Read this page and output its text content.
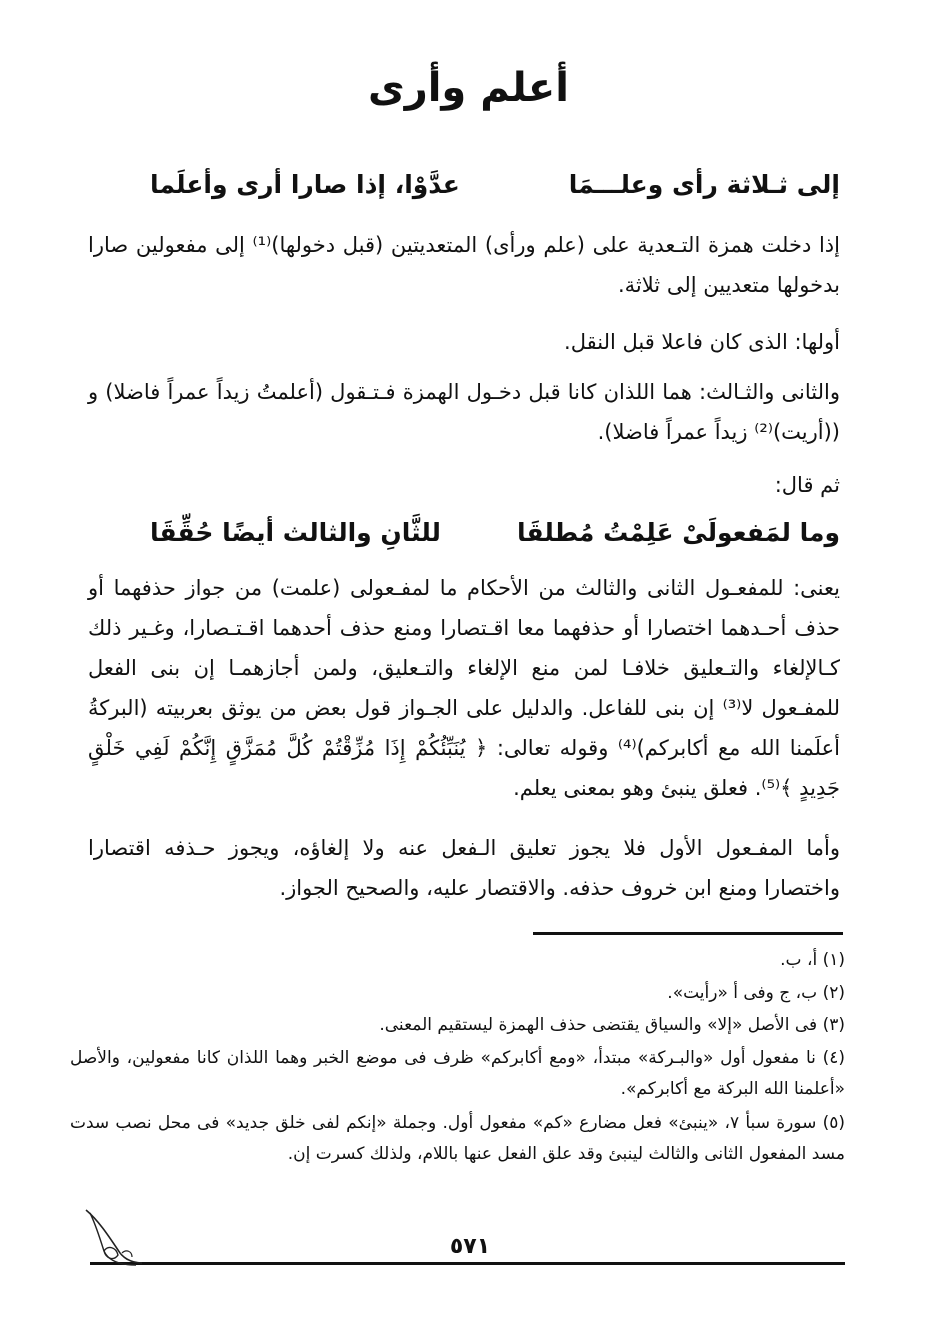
أعلم وأرى
إلى ثـلاثة رأى وعلـــمَا
عدَّوْا، إذا صارا أرى وأعلَما
إذا دخلت همزة التـعدية على (علم ورأى) المتعديتين (قبل دخولها)⁽¹⁾ إلى مفعولين صارا بدخولها متعديين إلى ثلاثة.
أولها: الذى كان فاعلا قبل النقل.
والثانى والثـالث: هما اللذان كانا قبل دخـول الهمزة فـتـقول (أعلمتُ زيداً عمراً فاضلا) و ((أريت)⁽²⁾ زيداً عمراً فاضلا).
ثم قال:
وما لمَفعولَىْ عَلِمْتُ مُطلقَا
للثَّانِ والثالث أيضًا حُقِّقَا
يعنى: للمفعـول الثانى والثالث من الأحكام ما لمفـعولى (علمت) من جواز حذفهما أو حذف أحـدهما اختصارا أو حذفهما معا اقـتصارا ومنع حذف أحدهما اقـتـصارا، وغـير ذلك كـالإلغاء والتـعليق خلافـا لمن منع الإلغاء والتـعليق، ولمن أجازهمـا إن بنى الفعل للمفـعول لا⁽³⁾ إن بنى للفاعل. والدليل على الجـواز قول بعض من يوثق بعربيته (البركةُ أعلَمنا الله مع أكابركم)⁽⁴⁾ وقوله تعالى: ﴿ يُنَبِّئُكُمْ إِذَا مُزِّقْتُمْ كُلَّ مُمَزَّقٍ إِنَّكُمْ لَفِي خَلْقٍ جَدِيدٍ ﴾⁽⁵⁾. فعلق ينبئ وهو بمعنى يعلم.
وأما المفـعول الأول فلا يجوز تعليق الـفعل عنه ولا إلغاؤه، ويجوز حـذفه اقتصارا واختصارا ومنع ابن خروف حذفه. والاقتصار عليه، والصحيح الجواز.
(١) أ، ب.
(٢) ب، ج وفى أ «رأيت».
(٣) فى الأصل «إلا» والسياق يقتضى حذف الهمزة ليستقيم المعنى.
(٤) نا مفعول أول «والبـركة» مبتدأ، «ومع أكابركم» ظرف فى موضع الخبر وهما اللذان كانا مفعولين، والأصل «أعلمنا الله البركة مع أكابركم».
(٥) سورة سبأ ٧، «ينبئ» فعل مضارع «كم» مفعول أول. وجملة «إنكم لفى خلق جديد» فى محل نصب سدت مسد المفعول الثانى والثالث لينبئ وقد علق الفعل عنها باللام، ولذلك كسرت إن.
٥٧١
